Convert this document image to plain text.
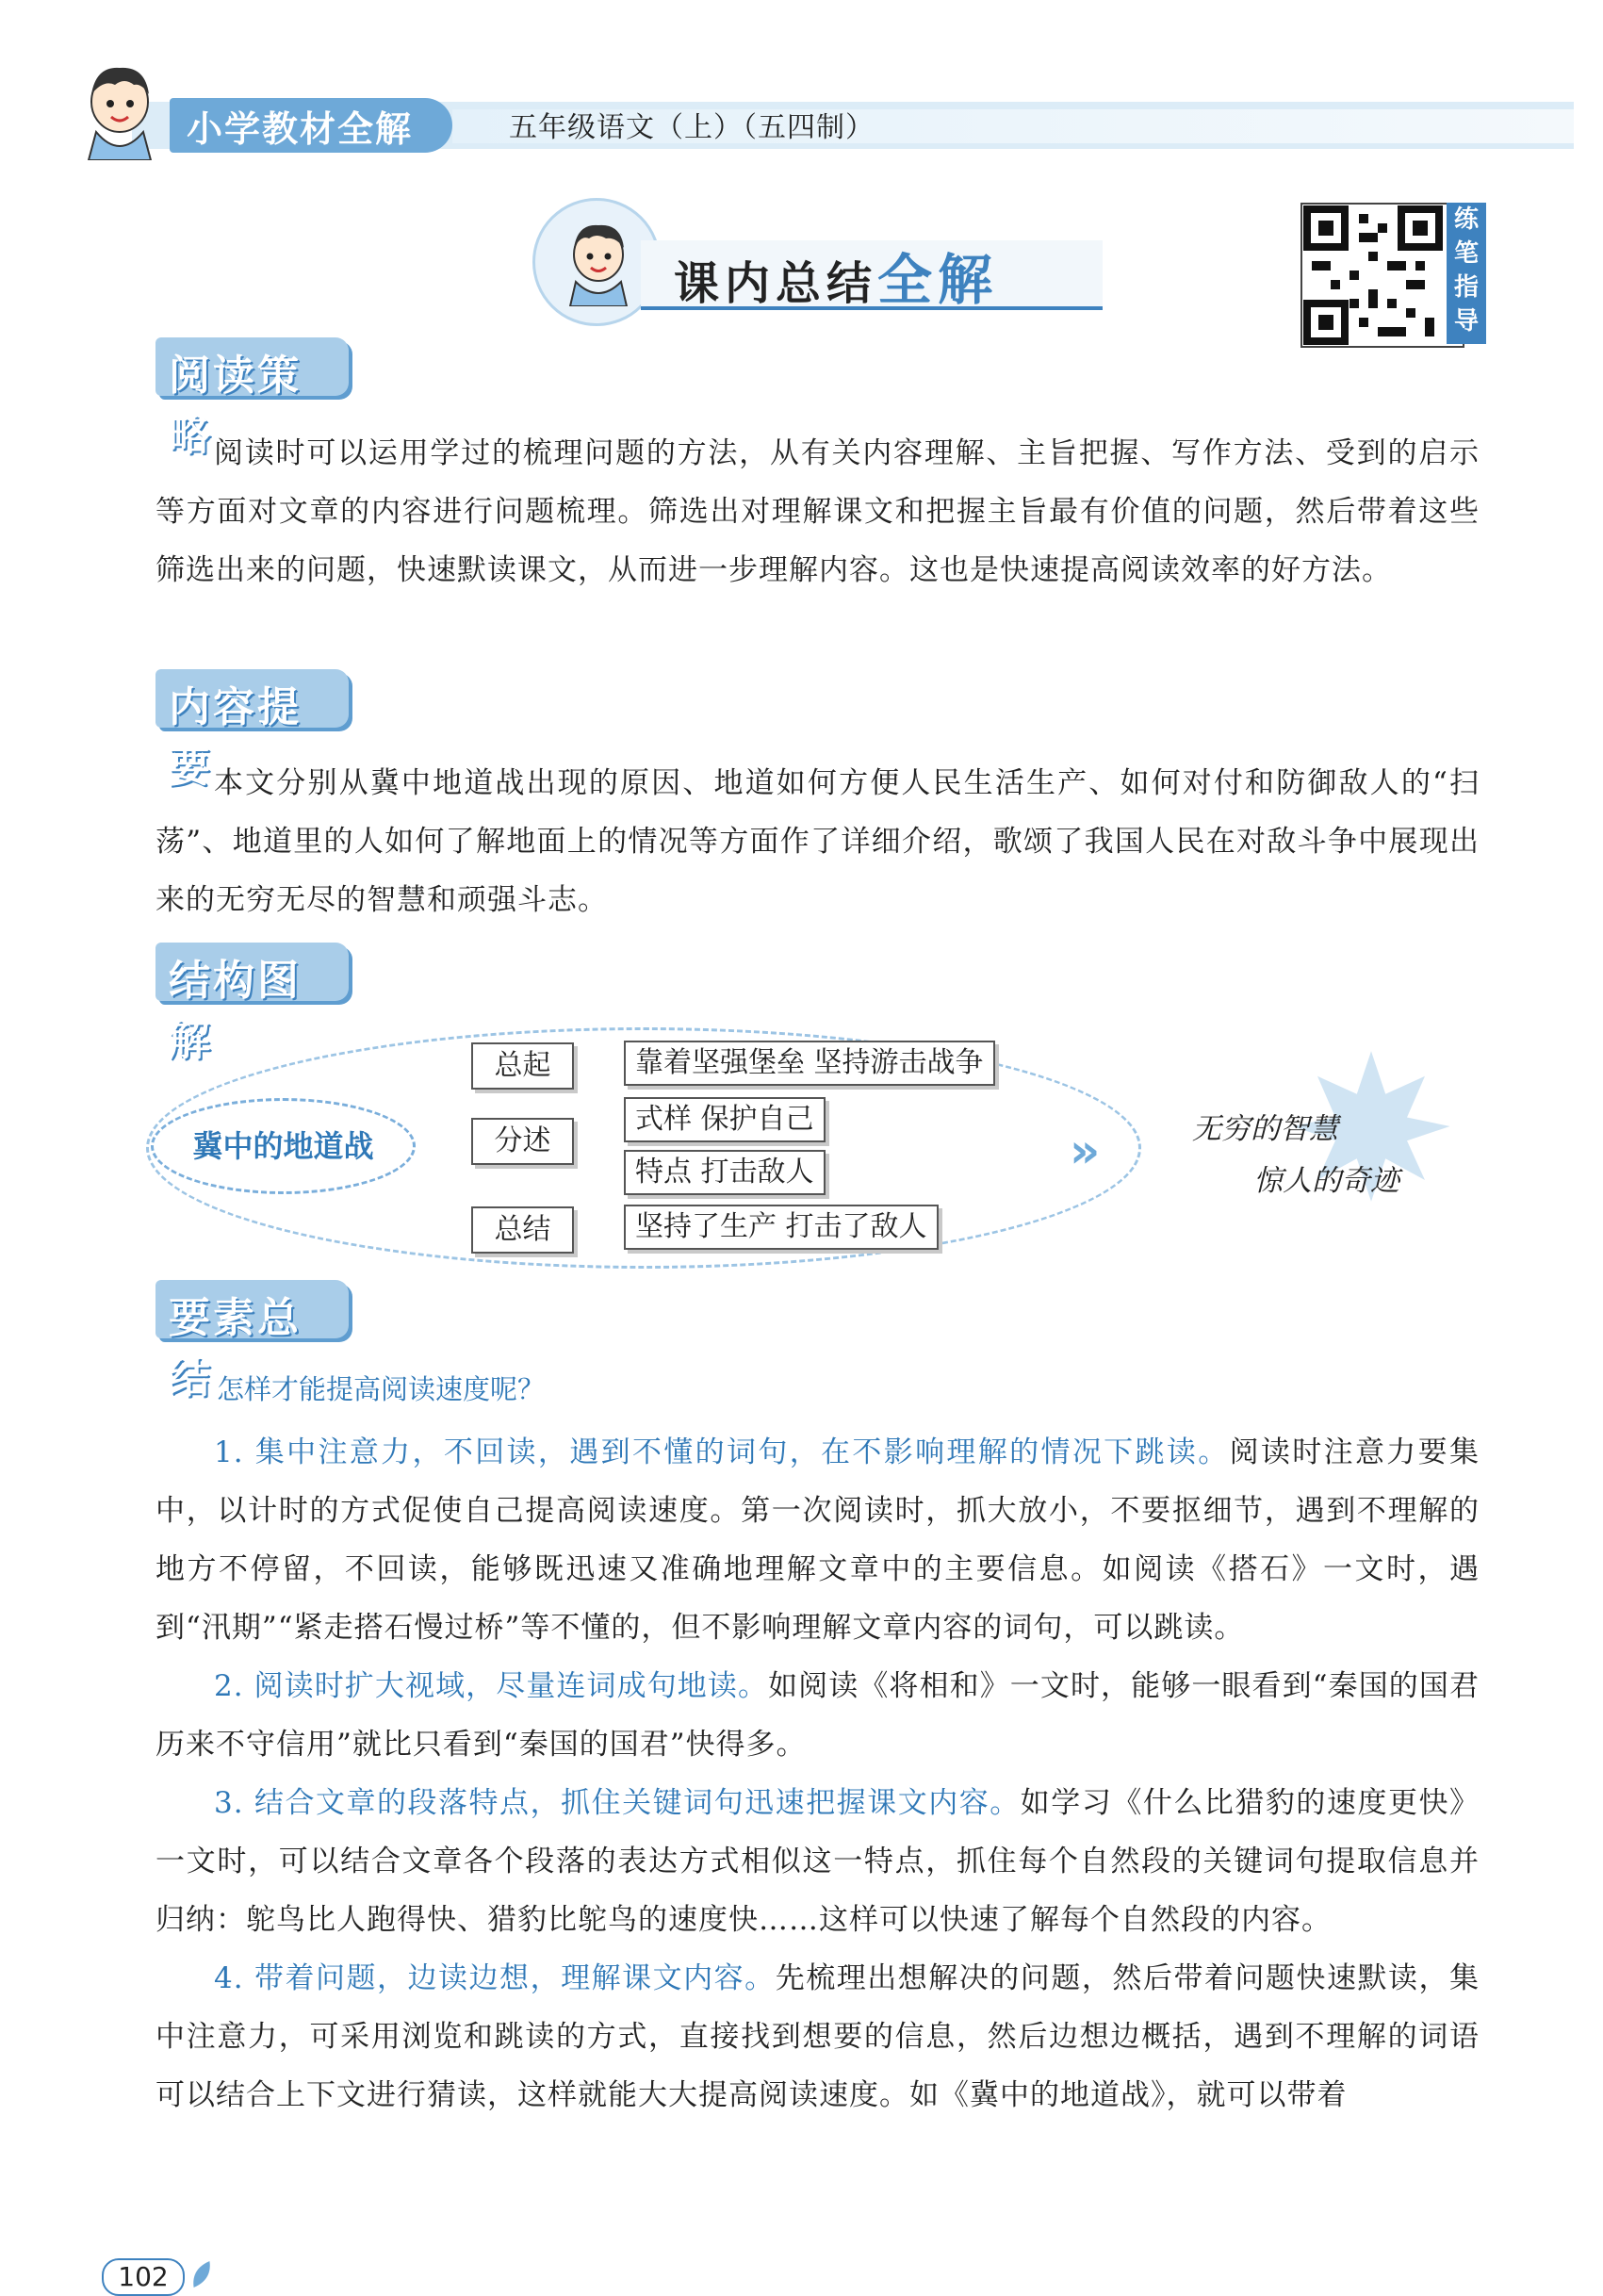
小学教材全解	五年级语文（上）（五四制）
课内总结全解
练
笔
指
导
阅读策略 阅读时可以运用学过的梳理问题的方法，从有关内容理解、主旨把握、写作方法、受到的启示等方面对文章的内容进行问题梳理。筛选出对理解课文和把握主旨最有价值的问题，然后带着这些筛选出来的问题，快速默读课文，从而进一步理解内容。这也是快速提高阅读效率的好方法。
内容提要 本文分别从冀中地道战出现的原因、地道如何方便人民生活生产、如何对付和防御敌人的“扫荡”、地道里的人如何了解地面上的情况等方面作了详细介绍，歌颂了我国人民在对敌斗争中展现出来的无穷无尽的智慧和顽强斗志。
结构图解
冀中的地道战
总起
分述
总结
靠着坚强堡垒 坚持游击战争
式样 保护自己
特点 打击敌人
坚持了生产 打击了敌人
»	无穷的智慧
惊人的奇迹
要素总结 怎样才能提高阅读速度呢？
1. 集中注意力，不回读，遇到不懂的词句，在不影响理解的情况下跳读。阅读时注意力要集中，以计时的方式促使自己提高阅读速度。第一次阅读时，抓大放小，不要抠细节，遇到不理解的地方不停留，不回读，能够既迅速又准确地理解文章中的主要信息。如阅读《搭石》一文时，遇到“汛期”“紧走搭石慢过桥”等不懂的，但不影响理解文章内容的词句，可以跳读。
2. 阅读时扩大视域，尽量连词成句地读。如阅读《将相和》一文时，能够一眼看到“秦国的国君历来不守信用”就比只看到“秦国的国君”快得多。
3. 结合文章的段落特点，抓住关键词句迅速把握课文内容。如学习《什么比猎豹的速度更快》一文时，可以结合文章各个段落的表达方式相似这一特点，抓住每个自然段的关键词句提取信息并归纳：鸵鸟比人跑得快、猎豹比鸵鸟的速度快……这样可以快速了解每个自然段的内容。
4. 带着问题，边读边想，理解课文内容。先梳理出想解决的问题，然后带着问题快速默读，集中注意力，可采用浏览和跳读的方式，直接找到想要的信息，然后边想边概括，遇到不理解的词语可以结合上下文进行猜读，这样就能大大提高阅读速度。如《冀中的地道战》，就可以带着
102
